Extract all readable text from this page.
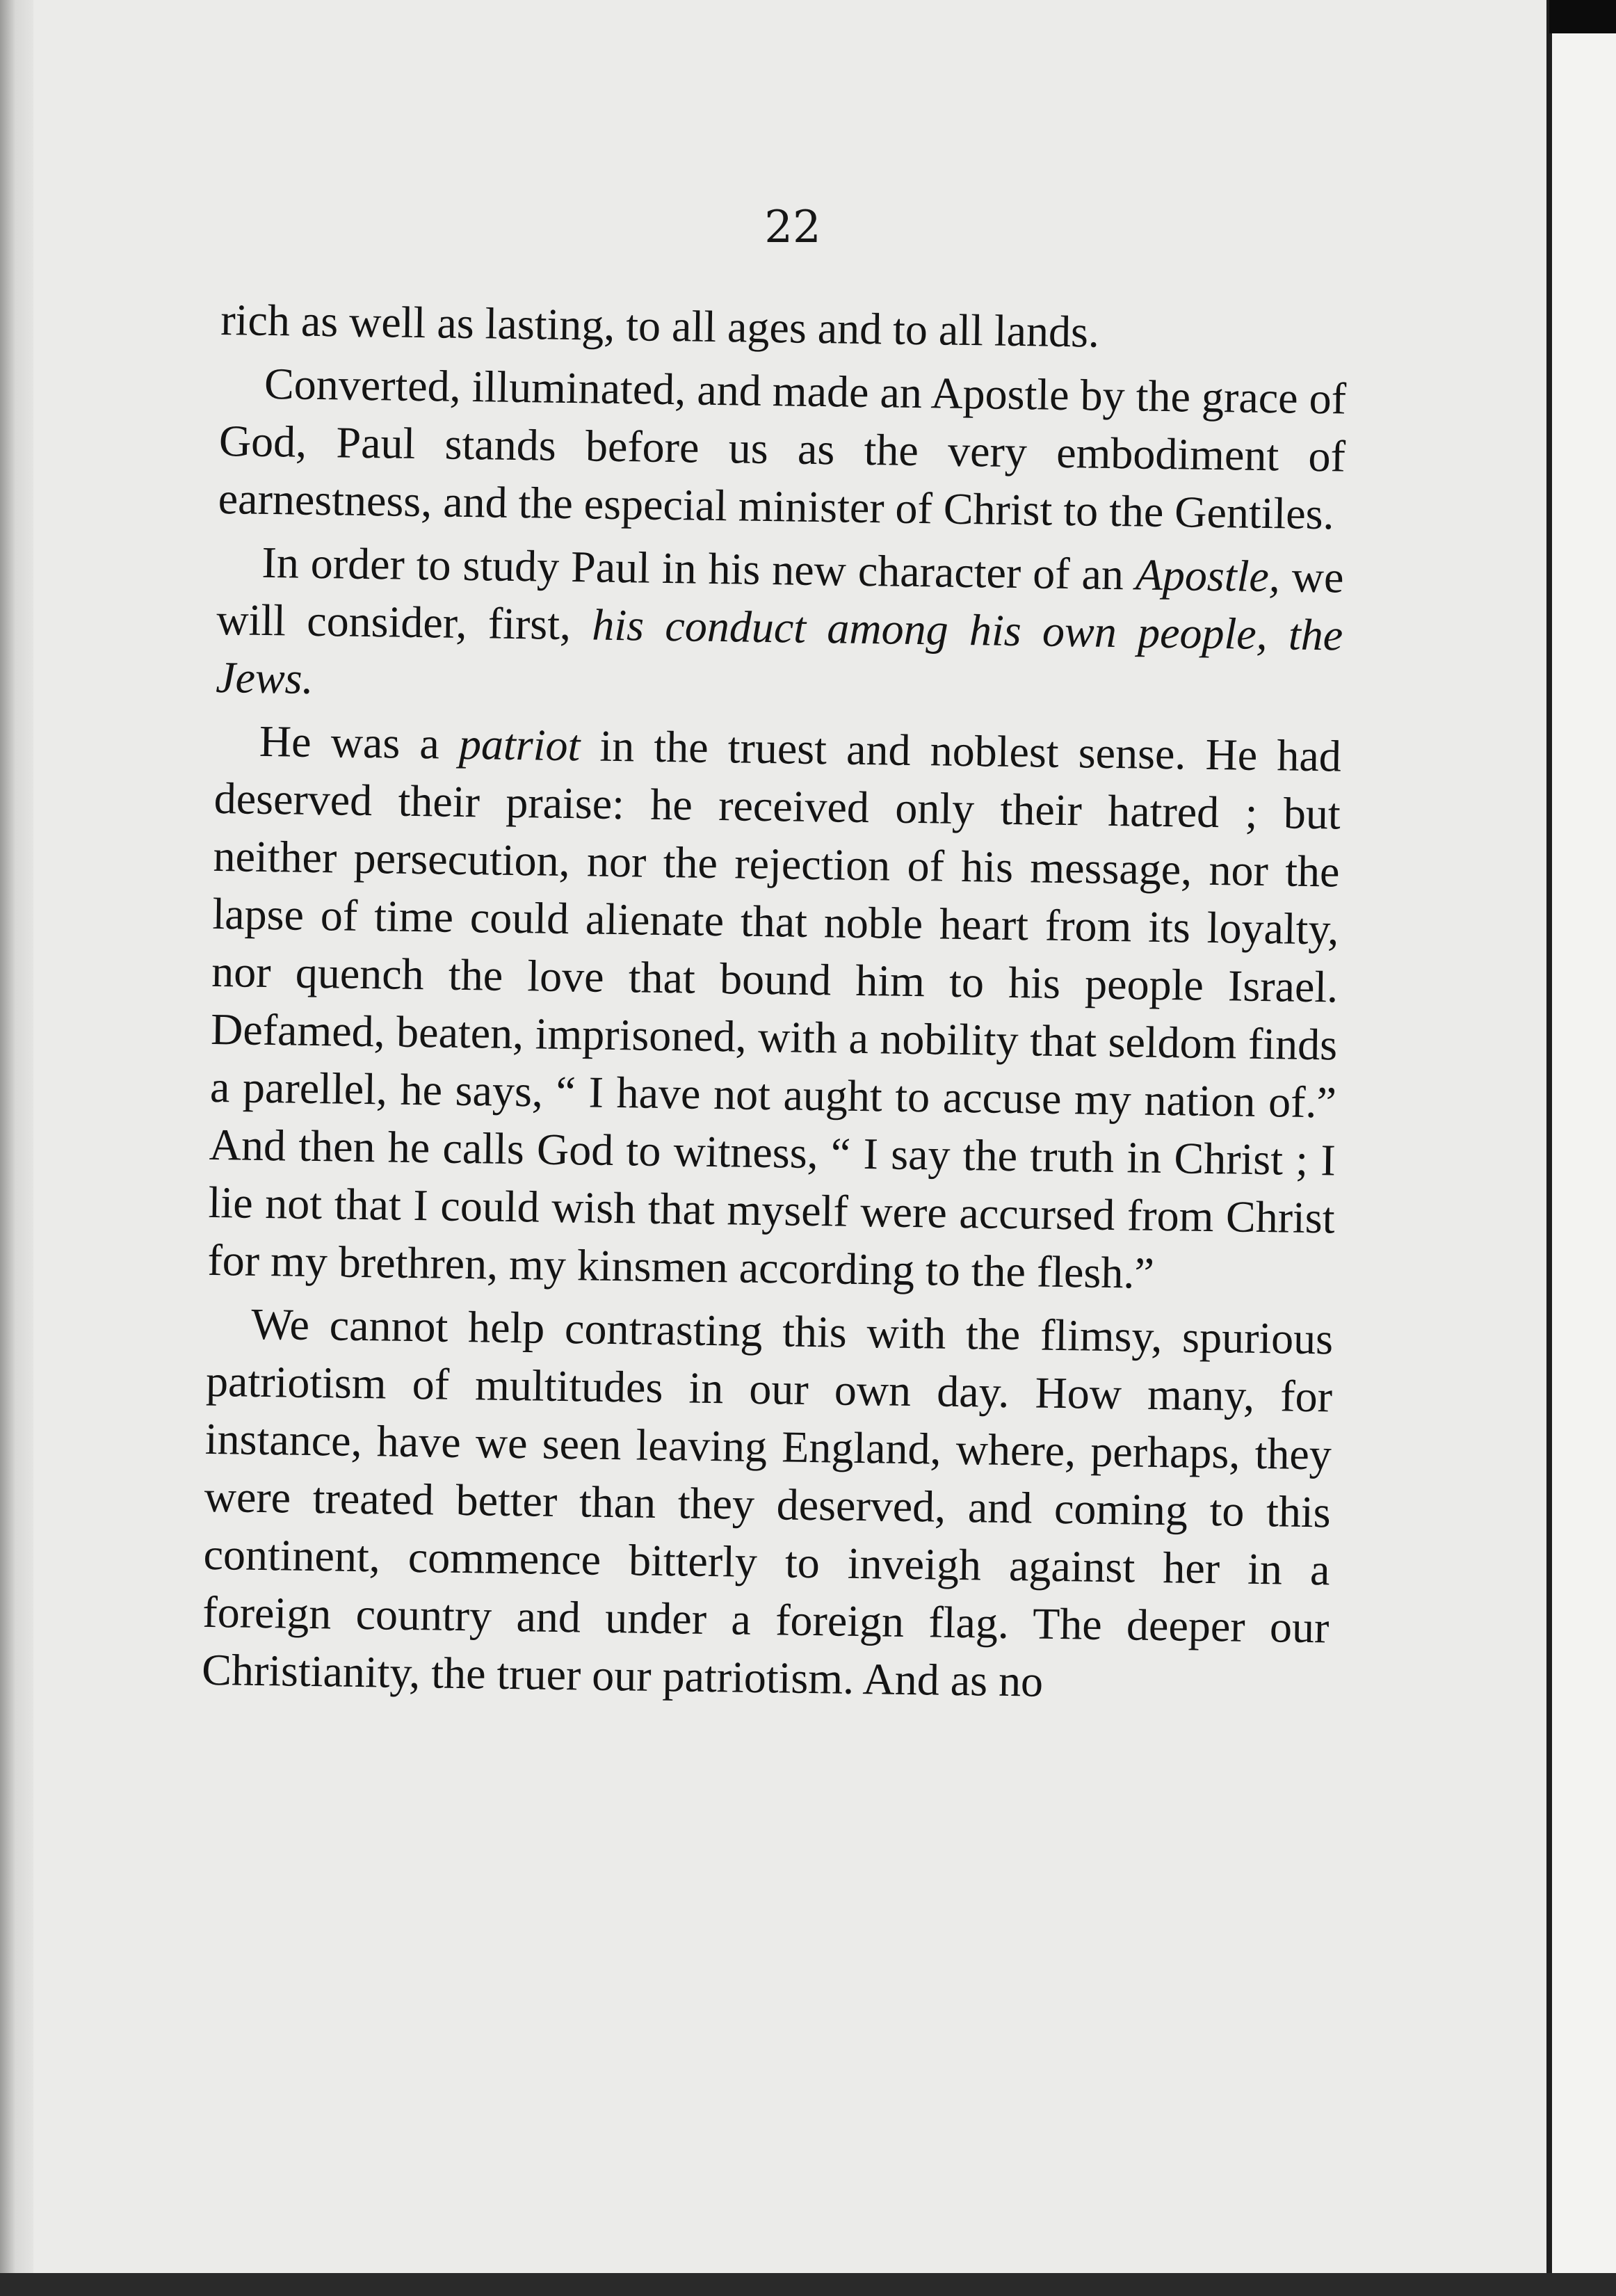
22

rich as well as lasting, to all ages and to all lands.

Converted, illuminated, and made an Apostle by the grace of God, Paul stands before us as the very embodiment of earnestness, and the especial minister of Christ to the Gentiles.

In order to study Paul in his new character of an Apostle, we will consider, first, his conduct among his own people, the Jews.

He was a patriot in the truest and noblest sense. He had deserved their praise: he received only their hatred ; but neither persecution, nor the rejection of his message, nor the lapse of time could alienate that noble heart from its loyalty, nor quench the love that bound him to his people Israel. Defamed, beaten, imprisoned, with a nobility that seldom finds a parellel, he says, “ I have not aught to accuse my nation of.” And then he calls God to witness, “ I say the truth in Christ ; I lie not that I could wish that myself were accursed from Christ for my brethren, my kinsmen according to the flesh.”

We cannot help contrasting this with the flimsy, spurious patriotism of multitudes in our own day. How many, for instance, have we seen leaving England, where, perhaps, they were treated better than they deserved, and coming to this continent, commence bitterly to inveigh against her in a foreign country and under a foreign flag. The deeper our Christianity, the truer our patriotism. And as no
